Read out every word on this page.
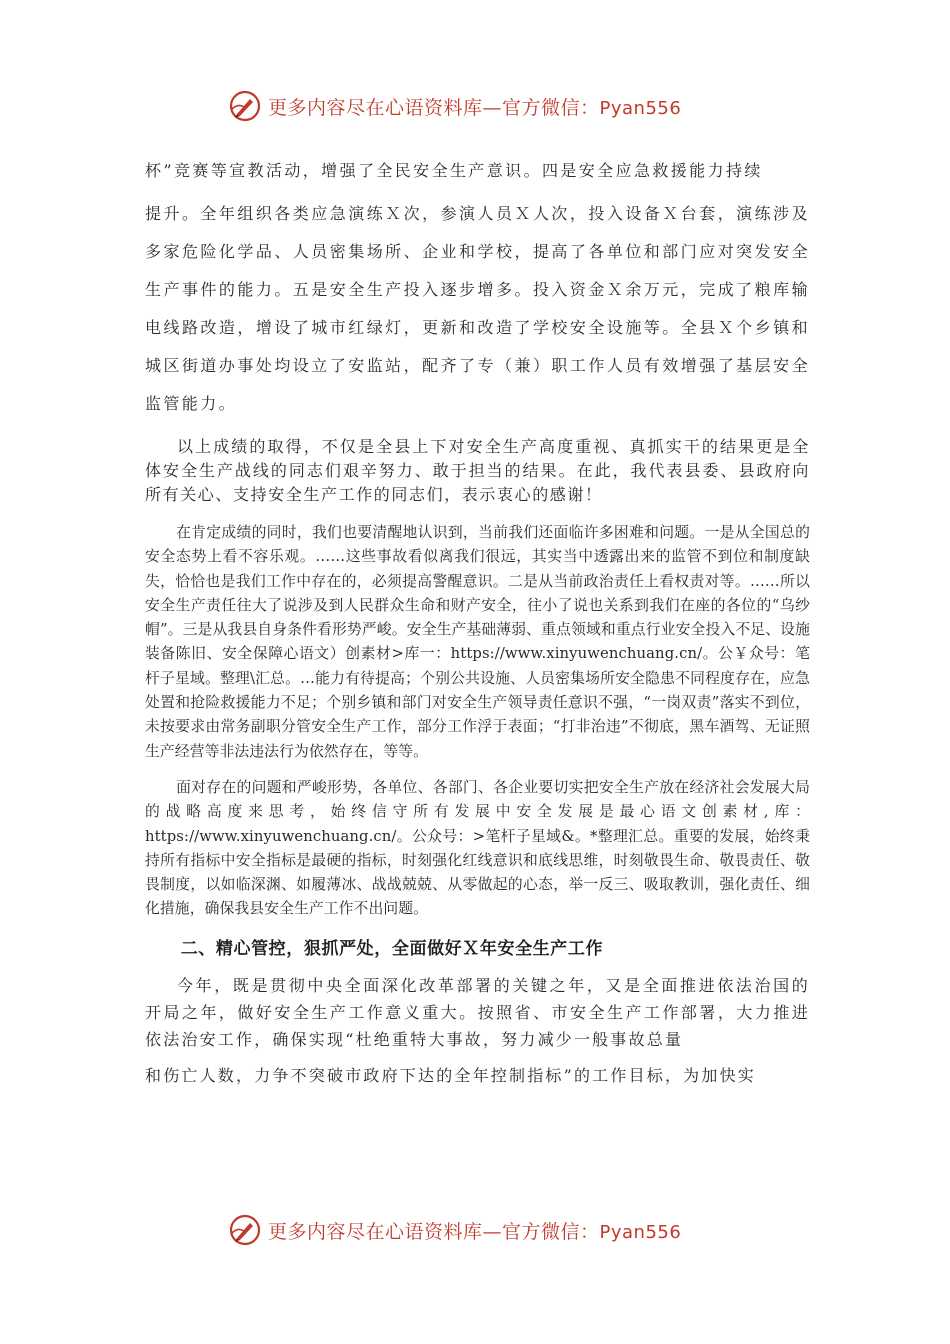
更多内容尽在心语资料库—官方微信：Pyan556

杯”竞赛等宣教活动，增强了全民安全生产意识。四是安全应急救援能力持续

提升。全年组织各类应急演练Ｘ次，参演人员Ｘ人次，投入设备Ｘ台套，演练涉及多家危险化学品、人员密集场所、企业和学校，提高了各单位和部门应对突发安全生产事件的能力。五是安全生产投入逐步增多。投入资金Ｘ余万元，完成了粮库输电线路改造，增设了城市红绿灯，更新和改造了学校安全设施等。全县Ｘ个乡镇和城区街道办事处均设立了安监站，配齐了专（兼）职工作人员有效增强了基层安全监管能力。

以上成绩的取得，不仅是全县上下对安全生产高度重视、真抓实干的结果更是全体安全生产战线的同志们艰辛努力、敢于担当的结果。在此，我代表县委、县政府向所有关心、支持安全生产工作的同志们，表示衷心的感谢！

在肯定成绩的同时，我们也要清醒地认识到，当前我们还面临许多困难和问题。一是从全国总的安全态势上看不容乐观。……这些事故看似离我们很远，其实当中透露出来的监管不到位和制度缺失，恰恰也是我们工作中存在的，必须提高警醒意识。二是从当前政治责任上看权责对等。……所以安全生产责任往大了说涉及到人民群众生命和财产安全，往小了说也关系到我们在座的各位的“乌纱帽”。三是从我县自身条件看形势严峻。安全生产基础薄弱、重点领域和重点行业安全投入不足、设施装备陈旧、安全保障心语文）创素材>库一：https://www.xinyuwenchuang.cn/。公￥众号：笔杆子星域。整理\汇总。…能力有待提高；个别公共设施、人员密集场所安全隐患不同程度存在，应急处置和抢险救援能力不足；个别乡镇和部门对安全生产领导责任意识不强，“一岗双责”落实不到位，未按要求由常务副职分管安全生产工作，部分工作浮于表面；“打非治违”不彻底，黑车酒驾、无证照生产经营等非法违法行为依然存在，等等。

面对存在的问题和严峻形势，各单位、各部门、各企业要切实把安全生产放在经济社会发展大局的战略高度来思考，始终信守所有发展中安全发展是最心语文创素材,库：https://www.xinyuwenchuang.cn/。公众号：>笔杆子星域&。*整理汇总。重要的发展，始终秉持所有指标中安全指标是最硬的指标，时刻强化红线意识和底线思维，时刻敬畏生命、敬畏责任、敬畏制度，以如临深渊、如履薄冰、战战兢兢、从零做起的心态，举一反三、吸取教训，强化责任、细化措施，确保我县安全生产工作不出问题。

二、精心管控，狠抓严处，全面做好Ｘ年安全生产工作

今年，既是贯彻中央全面深化改革部署的关键之年，又是全面推进依法治国的开局之年，做好安全生产工作意义重大。按照省、市安全生产工作部署，大力推进依法治安工作，确保实现“杜绝重特大事故，努力减少一般事故总量

和伤亡人数，力争不突破市政府下达的全年控制指标”的工作目标，为加快实

更多内容尽在心语资料库—官方微信：Pyan556
